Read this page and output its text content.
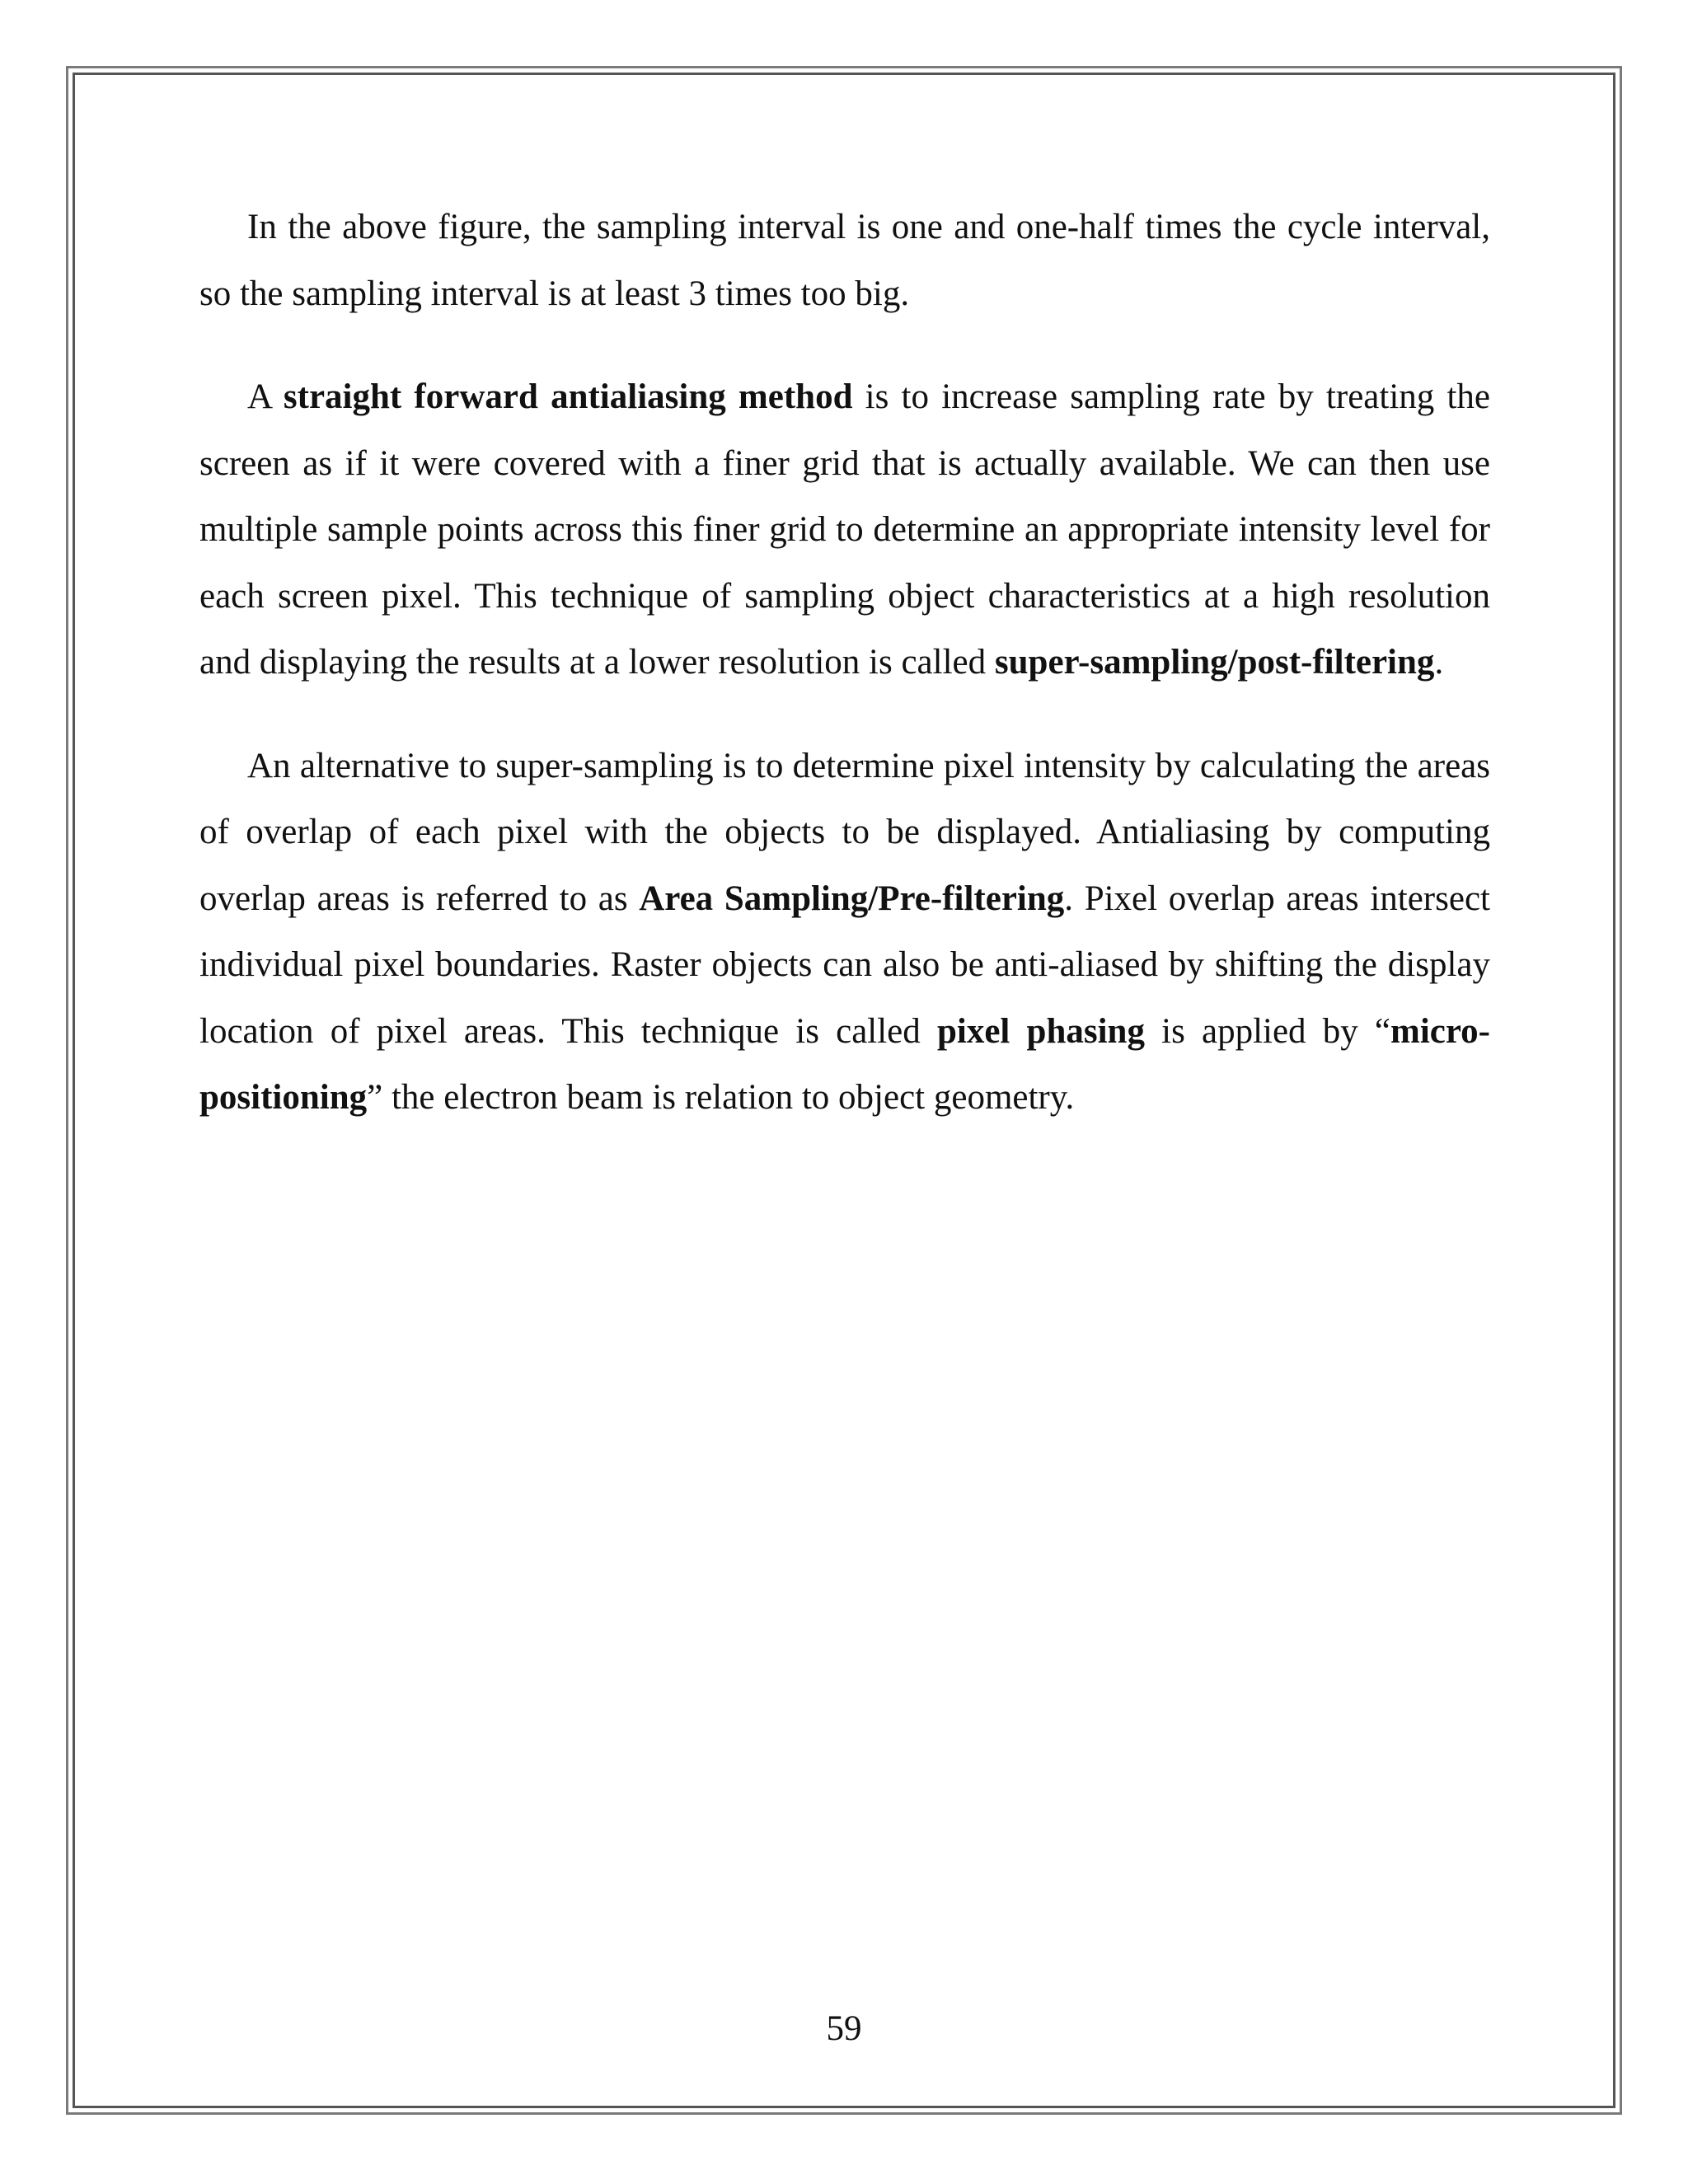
In the above figure, the sampling interval is one and one-half times the cycle interval, so the sampling interval is at least 3 times too big.

A straight forward antialiasing method is to increase sampling rate by treating the screen as if it were covered with a finer grid that is actually available. We can then use multiple sample points across this finer grid to determine an appropriate intensity level for each screen pixel. This technique of sampling object characteristics at a high resolution and displaying the results at a lower resolution is called super-sampling/post-filtering.

An alternative to super-sampling is to determine pixel intensity by calculating the areas of overlap of each pixel with the objects to be displayed. Antialiasing by computing overlap areas is referred to as Area Sampling/Pre-filtering. Pixel overlap areas intersect individual pixel boundaries. Raster objects can also be anti-aliased by shifting the display location of pixel areas. This technique is called pixel phasing is applied by “micro-positioning” the electron beam is relation to object geometry.

59
